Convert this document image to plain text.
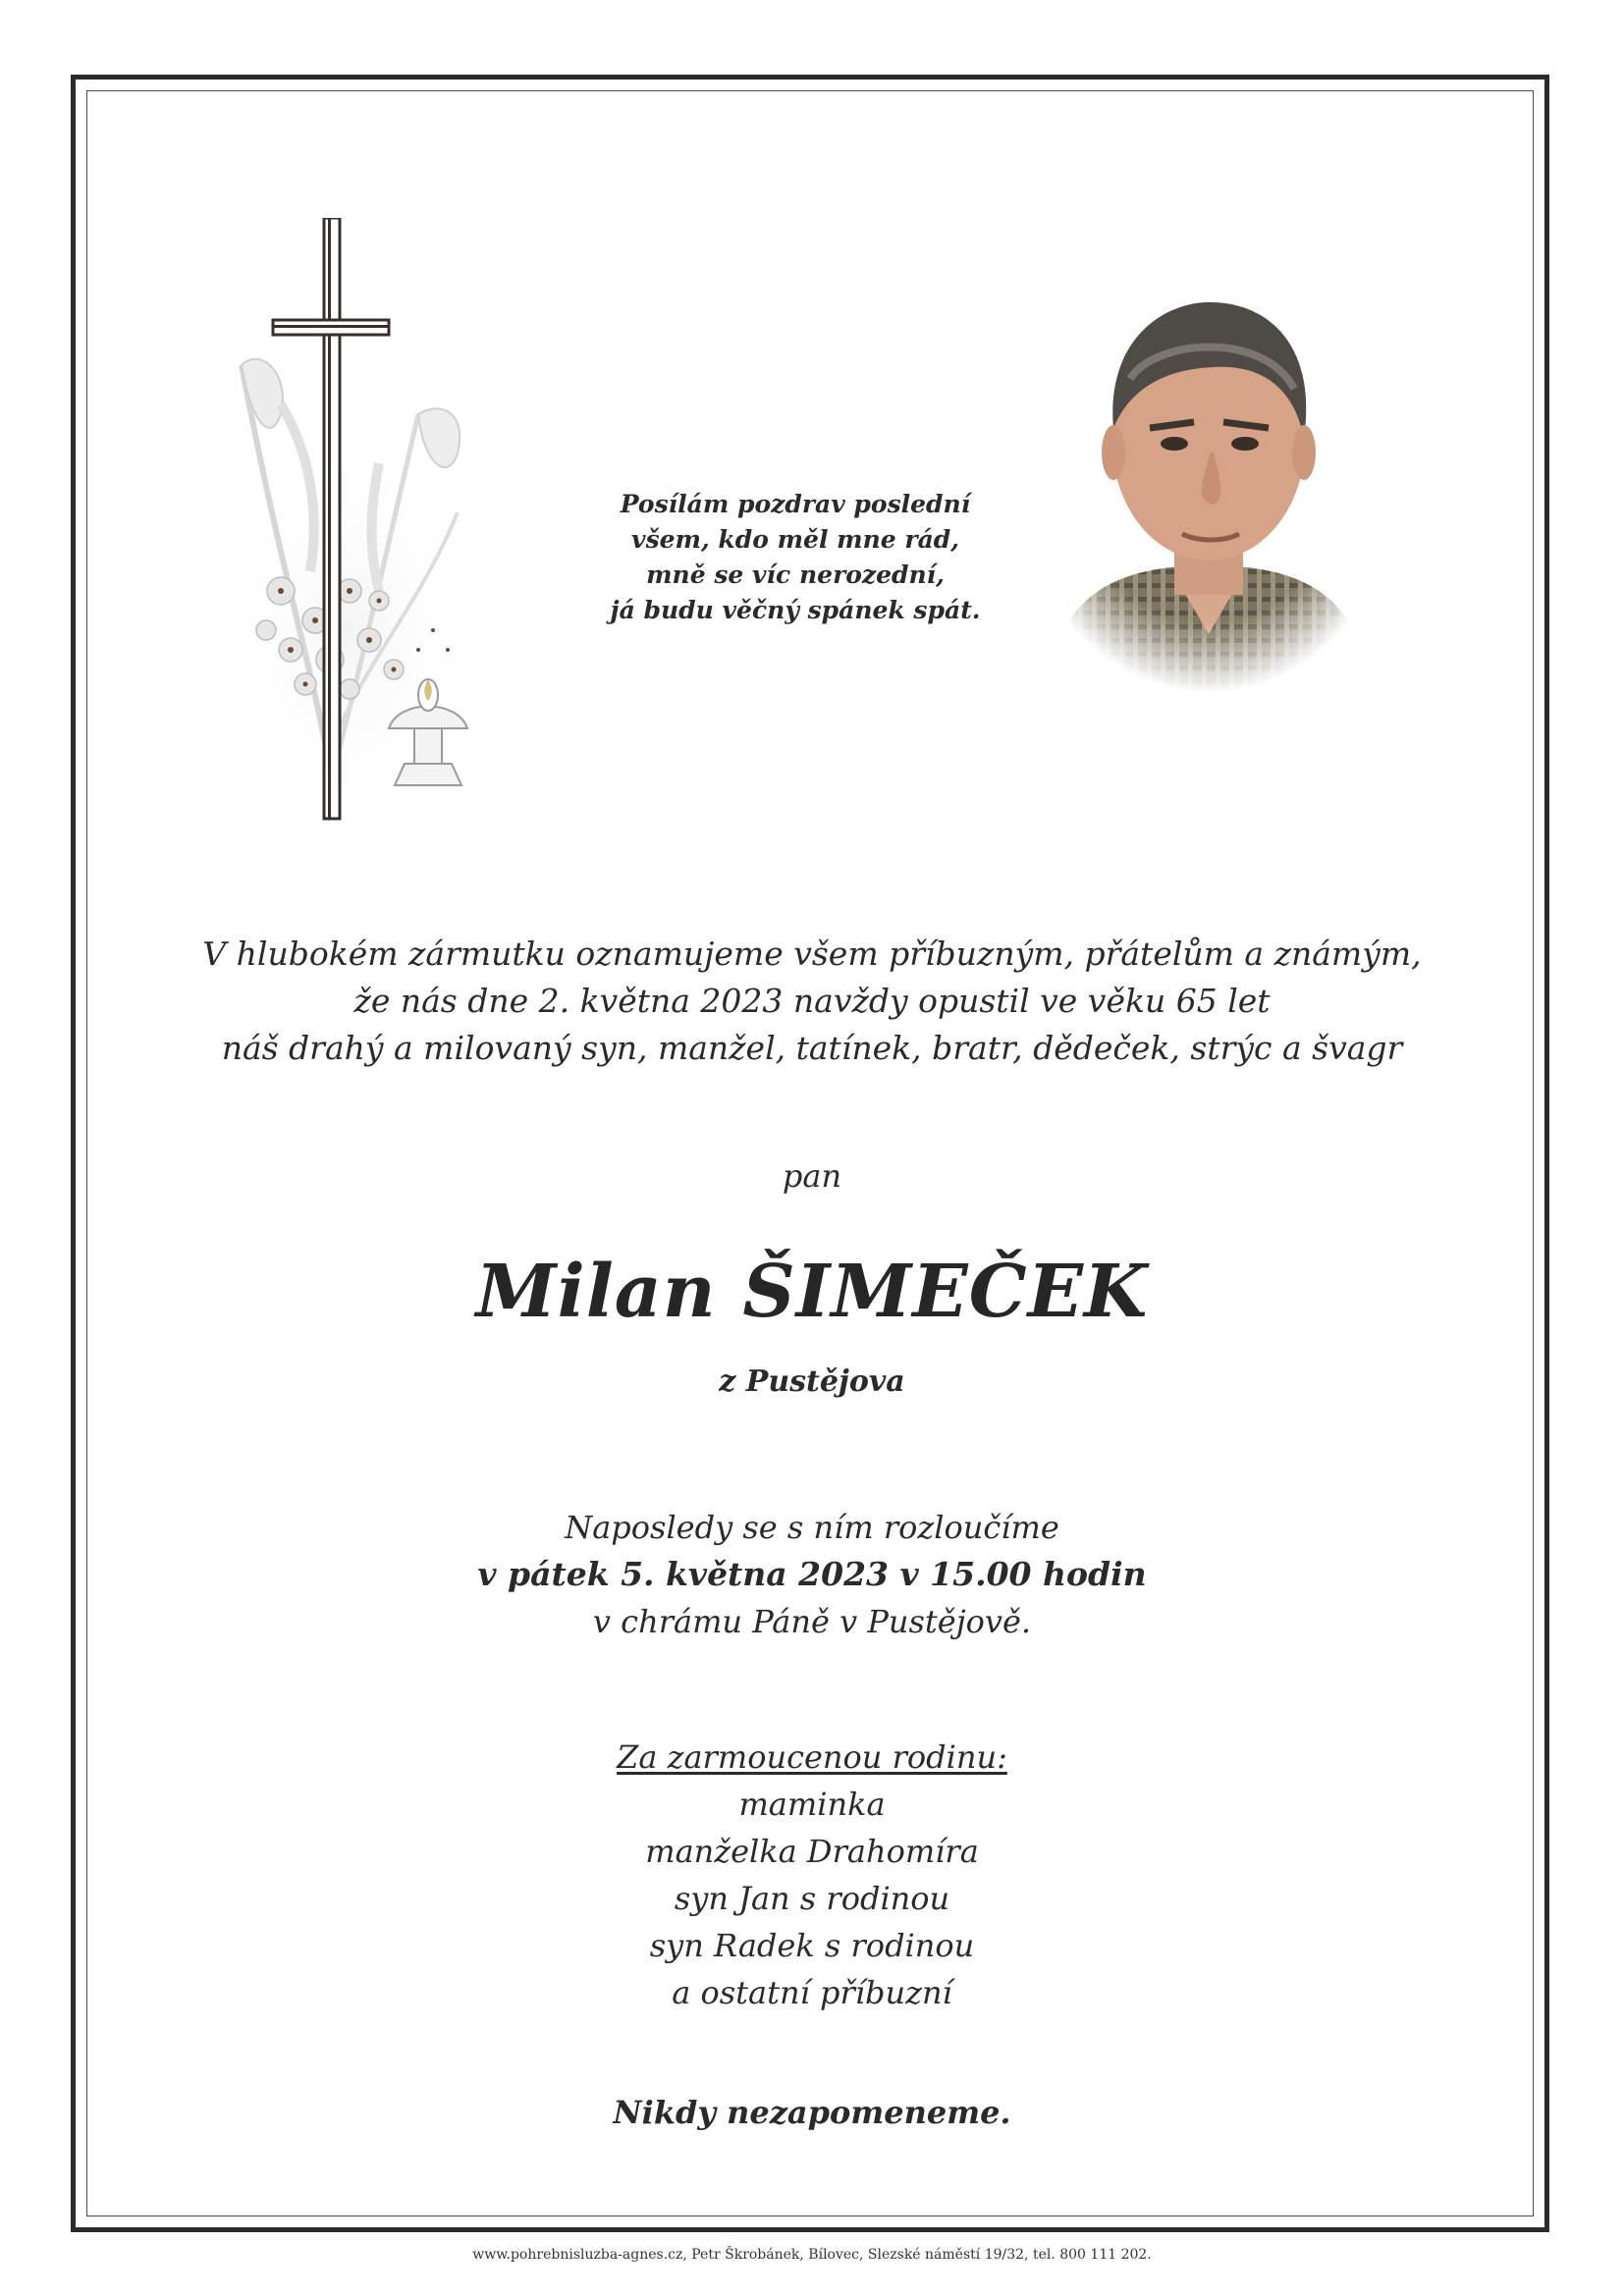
Posílám pozdrav poslední
všem, kdo měl mne rád,
mně se víc nerozední,
já budu věčný spánek spát.
V hlubokém zármutku oznamujeme všem příbuzným, přátelům a známým,
že nás dne 2. května 2023 navždy opustil ve věku 65 let
náš drahý a milovaný syn, manžel, tatínek, bratr, dědeček, strýc a švagr
pan
Milan ŠIMEČEK
z Pustějova
Naposledy se s ním rozloučíme
v pátek 5. května 2023 v 15.00 hodin
v chrámu Páně v Pustějově.
Za zarmoucenou rodinu:
maminka
manželka Drahomíra
syn Jan s rodinou
syn Radek s rodinou
a ostatní příbuzní
Nikdy nezapomeneme.
www.pohrebnisluzba-agnes.cz, Petr Škrobánek, Bílovec, Slezské náměstí 19/32, tel. 800 111 202.
